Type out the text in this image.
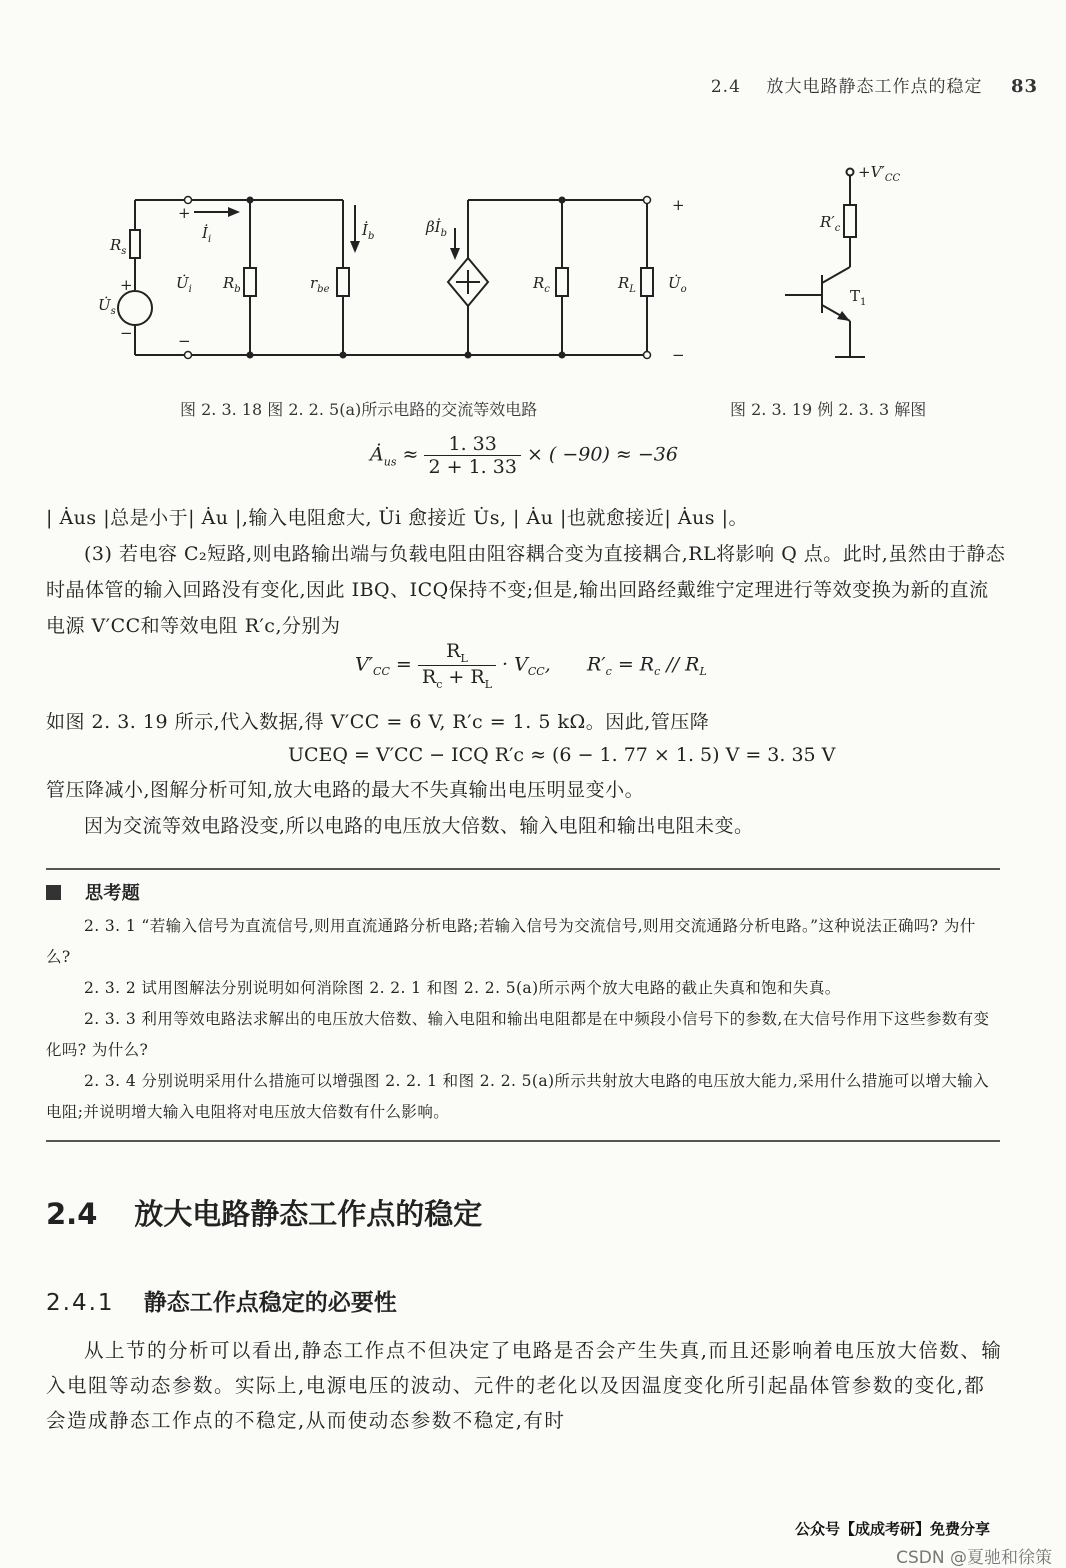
2.4 放大电路静态工作点的稳定 83
$R_s$
+
$U̇_s$
−
+
$İ_i$
$U̇_i$
−
$R_b$
$İ_b$
$r_{be}$
$\beta İ_b$
$R_c$	$R_L$ $U̇_o$
+
−
$+V'_{CC}$
$R'_c$
$T_1$
图 2. 3. 18 图 2. 2. 5(a)所示电路的交流等效电路	图 2. 3. 19 例 2. 3. 3 解图
$Ȧ_{us} \approx \frac{1. 33}{2 + 1. 33}$ × ( −90) ≈ −36

| Ȧus |总是小于| Ȧu |,输入电阻愈大, U̇i 愈接近 U̇s, | Ȧu |也就愈接近| Ȧus |。

(3) 若电容 C₂短路,则电路输出端与负载电阻由阻容耦合变为直接耦合,RL将影响 Q 点。此时,虽然由于静态时晶体管的输入回路没有变化,因此 IBQ、ICQ保持不变;但是,输出回路经戴维宁定理进行等效变换为新的直流电源 V′CC和等效电阻 R′c,分别为

$V'_{CC} = \frac{R_L}{R_c + R_L} \cdot V_{CC}$, $R'_c = R_c // R_L$

如图 2. 3. 19 所示,代入数据,得 V′CC = 6 V, R′c = 1. 5 kΩ。因此,管压降

UCEQ = V′CC − ICQ R′c ≈ (6 − 1. 77 × 1. 5) V = 3. 35 V

管压降减小,图解分析可知,放大电路的最大不失真输出电压明显变小。

因为交流等效电路没变,所以电路的电压放大倍数、输入电阻和输出电阻未变。

思考题

2. 3. 1 “若输入信号为直流信号,则用直流通路分析电路;若输入信号为交流信号,则用交流通路分析电路。”这种说法正确吗? 为什么?

2. 3. 2 试用图解法分别说明如何消除图 2. 2. 1 和图 2. 2. 5(a)所示两个放大电路的截止失真和饱和失真。

2. 3. 3 利用等效电路法求解出的电压放大倍数、输入电阻和输出电阻都是在中频段小信号下的参数,在大信号作用下这些参数有变化吗? 为什么?

2. 3. 4 分别说明采用什么措施可以增强图 2. 2. 1 和图 2. 2. 5(a)所示共射放大电路的电压放大能力,采用什么措施可以增大输入电阻;并说明增大输入电阻将对电压放大倍数有什么影响。

2.4 放大电路静态工作点的稳定
2.4.1 静态工作点稳定的必要性

从上节的分析可以看出,静态工作点不但决定了电路是否会产生失真,而且还影响着电压放大倍数、输入电阻等动态参数。实际上,电源电压的波动、元件的老化以及因温度变化所引起晶体管参数的变化,都会造成静态工作点的不稳定,从而使动态参数不稳定,有时

公众号【成成考研】免费分享
CSDN @夏驰和徐策
